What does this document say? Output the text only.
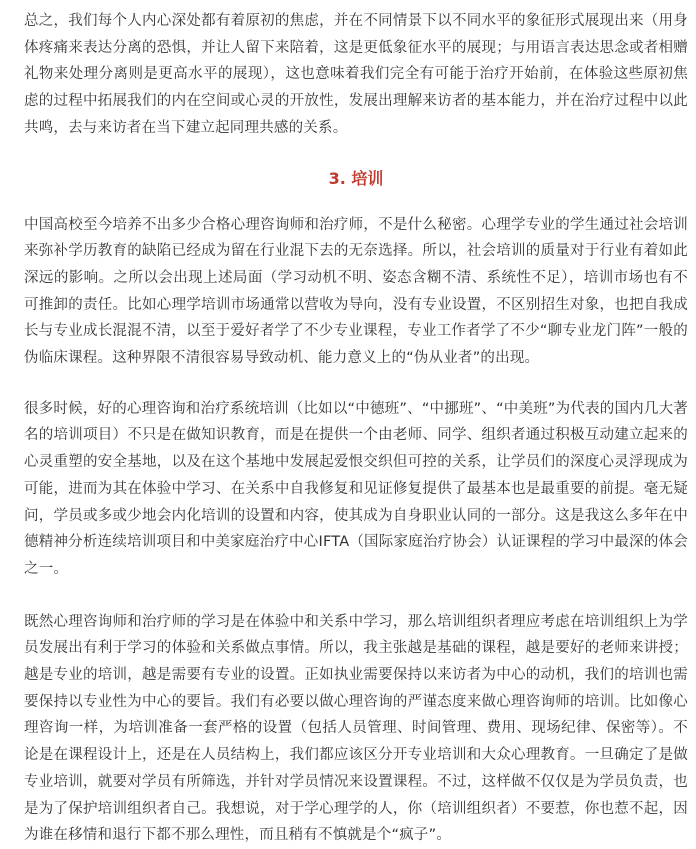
总之，我们每个人内心深处都有着原初的焦虑，并在不同情景下以不同水平的象征形式展现出来（用身体疼痛来表达分离的恐惧，并让人留下来陪着，这是更低象征水平的展现；与用语言表达思念或者相赠礼物来处理分离则是更高水平的展现），这也意味着我们完全有可能于治疗开始前，在体验这些原初焦虑的过程中拓展我们的内在空间或心灵的开放性，发展出理解来访者的基本能力，并在治疗过程中以此共鸣，去与来访者在当下建立起同理共感的关系。

3. 培训

中国高校至今培养不出多少合格心理咨询师和治疗师，不是什么秘密。心理学专业的学生通过社会培训来弥补学历教育的缺陷已经成为留在行业混下去的无奈选择。所以，社会培训的质量对于行业有着如此深远的影响。之所以会出现上述局面（学习动机不明、姿态含糊不清、系统性不足），培训市场也有不可推卸的责任。比如心理学培训市场通常以营收为导向，没有专业设置，不区别招生对象，也把自我成长与专业成长混混不清，以至于爱好者学了不少专业课程，专业工作者学了不少“聊专业龙门阵”一般的伪临床课程。这种界限不清很容易导致动机、能力意义上的“伪从业者”的出现。

很多时候，好的心理咨询和治疗系统培训（比如以“中德班”、“中挪班”、“中美班”为代表的国内几大著名的培训项目）不只是在做知识教育，而是在提供一个由老师、同学、组织者通过积极互动建立起来的心灵重塑的安全基地，以及在这个基地中发展起爱恨交织但可控的关系，让学员们的深度心灵浮现成为可能，进而为其在体验中学习、在关系中自我修复和见证修复提供了最基本也是最重要的前提。毫无疑问，学员或多或少地会内化培训的设置和内容，使其成为自身职业认同的一部分。这是我这么多年在中德精神分析连续培训项目和中美家庭治疗中心IFTA（国际家庭治疗协会）认证课程的学习中最深的体会之一。

既然心理咨询师和治疗师的学习是在体验中和关系中学习，那么培训组织者理应考虑在培训组织上为学员发展出有利于学习的体验和关系做点事情。所以，我主张越是基础的课程，越是要好的老师来讲授；越是专业的培训，越是需要有专业的设置。正如执业需要保持以来访者为中心的动机，我们的培训也需要保持以专业性为中心的要旨。我们有必要以做心理咨询的严谨态度来做心理咨询师的培训。比如像心理咨询一样，为培训准备一套严格的设置（包括人员管理、时间管理、费用、现场纪律、保密等）。不论是在课程设计上，还是在人员结构上，我们都应该区分开专业培训和大众心理教育。一旦确定了是做专业培训，就要对学员有所筛选，并针对学员情况来设置课程。不过，这样做不仅仅是为学员负责，也是为了保护培训组织者自己。我想说，对于学心理学的人，你（培训组织者）不要惹，你也惹不起，因为谁在移情和退行下都不那么理性，而且稍有不慎就是个“疯子”。
